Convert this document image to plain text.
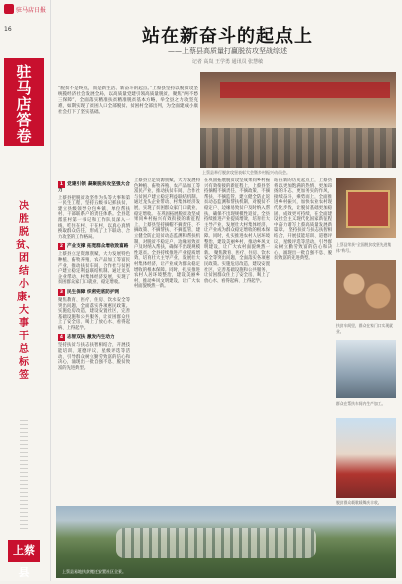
驻马店日报
16
驻马店答卷
决胜脱贫、团结小康·大事干总标签
上蔡县
站在新奋斗的起点上
——上蔡县高质量打赢脱贫攻坚战综述
记者 高岚 王学勇 通讯员 张慧敏
“脱贫不是终点，而是新生活、新奋斗的起点。”上蔡县坚持以脱贫攻坚统揽经济社会发展全局，以高质量党建引领高质量脱贫，聚焦“两不愁三保障”，全面落实精准扶贫精准脱贫基本方略，举全县之力攻坚克难，如期实现了贫困人口全部脱贫、贫困村全部出列，为全面建成小康社会打下了坚实基础。
上蔡县举行脱贫攻坚表彰大会暨乡村振兴动员会。
1 党建引领 凝聚脱贫攻坚强大合力
上蔡县把脱贫攻坚作为头等大事和第一民生工程，坚持五级书记抓扶贫，建立县级领导分包乡镇、单位帮扶村、干部联系户的责任体系。全县选派驻村第一书记和工作队员深入一线，吃住在村、干在村，以真心真情换取群众信任，形成了上下联动、合力攻坚的工作格局。
2 产业支撑 拓宽群众增收致富路
上蔡县立足资源禀赋，大力发展特色种植、畜牧养殖、农产品加工等富民产业，推动扶贫车间、合作社与贫困户建立稳定利益联结机制。通过龙头企业带动、村集体经济发展，实现了贫困群众家门口就业、稳定增收。
3 民生保障 织密兜底防护网
聚焦教育、医疗、住房、饮水安全等突出问题，全面落实各项惠民政策。实施危房改造，建设安置社区，完善基础设施和公共服务，让贫困群众住上了安全房、喝上了放心水、看得起病、上得起学。
4 志智双扶 激发内生动力
坚持扶贫与扶志扶智相结合，开展技能培训、道德评议、星级评选等活动，引导群众树立勤劳致富的信心和决心，涌现出一批自强不息、脱贫致富的先进典型。
上蔡县立足资源禀赋，大力发展特色种植、畜牧养殖、农产品加工等富民产业，推动扶贫车间、合作社与贫困户建立稳定利益联结机制。通过龙头企业带动、村集体经济发展，实现了贫困群众家门口就业、稳定增收。 在巩固拓展脱贫攻坚成果同乡村振兴有效衔接的新征程上，上蔡县坚持摘帽不摘责任、不摘政策、不摘帮扶、不摘监管，建立健全防止返贫动态监测和帮扶机制，对脱贫不稳定户、边缘易致贫户及时纳入帮扶，确保不出现规模性返贫。全县持续推进产业提质增效，培育壮大主导产业，发展壮大村集体经济，让产业成为群众稳定增收的根本保障。同时，扎实推进农村人居环境整治，建设美丽乡村，推动乡风文明建设，让广大农村面貌焕然一新。
在巩固拓展脱贫攻坚成果同乡村振兴有效衔接的新征程上，上蔡县坚持摘帽不摘责任、不摘政策、不摘帮扶、不摘监管，建立健全防止返贫动态监测和帮扶机制，对脱贫不稳定户、边缘易致贫户及时纳入帮扶，确保不出现规模性返贫。全县持续推进产业提质增效，培育壮大主导产业，发展壮大村集体经济，让产业成为群众稳定增收的根本保障。同时，扎实推进农村人居环境整治，建设美丽乡村，推动乡风文明建设，让广大农村面貌焕然一新。 聚焦教育、医疗、住房、饮水安全等突出问题，全面落实各项惠民政策。实施危房改造，建设安置社区，完善基础设施和公共服务，让贫困群众住上了安全房、喝上了放心水、看得起病、上得起学。
站在新的历史起点上，上蔡县将以更加饱满的热情、更加昂扬的斗志、更加务实的作风，接续奋斗，乘势而上，全面推进乡村振兴，加快农业农村现代化步伐，让脱贫基础更加稳固、成效更可持续，在全面建设社会主义现代化国家新征程中奋力谱写上蔡高质量发展新篇章。 坚持扶贫与扶志扶智相结合，开展技能培训、道德评议、星级评选等活动，引导群众树立勤劳致富的信心和决心，涌现出一批自强不息、脱贫致富的先进典型。
上蔡县荣获“全国脱贫攻坚先进集体”称号。
扶贫车间里，群众在家门口实现就业。
群众在帮扶车间内生产加工。
脱贫群众载歌载舞庆丰收。
上蔡县易地扶贫搬迁安置社区全景。
